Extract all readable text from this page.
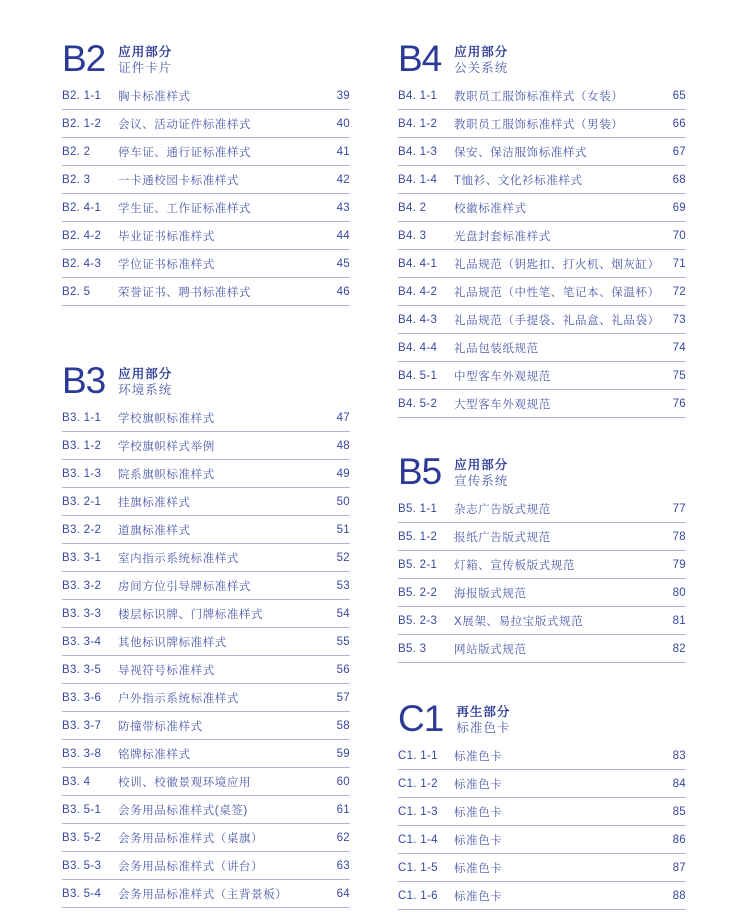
B2 应用部分
证件卡片
B2. 1-1	胸卡标准样式	39
B2. 1-2	会议、活动证件标准样式	40
B2. 2	停车证、通行证标准样式	41
B2. 3	一卡通校园卡标准样式	42
B2. 4-1	学生证、工作证标准样式	43
B2. 4-2	毕业证书标准样式	44
B2. 4-3	学位证书标准样式	45
B2. 5	荣誉证书、聘书标准样式	46
B3 应用部分
环境系统
B3. 1-1	学校旗帜标准样式	47
B3. 1-2	学校旗帜样式举例	48
B3. 1-3	院系旗帜标准样式	49
B3. 2-1	挂旗标准样式	50
B3. 2-2	道旗标准样式	51
B3. 3-1	室内指示系统标准样式	52
B3. 3-2	房间方位引导牌标准样式	53
B3. 3-3	楼层标识牌、门牌标准样式	54
B3. 3-4	其他标识牌标准样式	55
B3. 3-5	导视符号标准样式	56
B3. 3-6	户外指示系统标准样式	57
B3. 3-7	防撞带标准样式	58
B3. 3-8	铭牌标准样式	59
B3. 4	校训、校徽景观环境应用	60
B3. 5-1	会务用品标准样式(桌签)	61
B3. 5-2	会务用品标准样式（桌旗）	62
B3. 5-3	会务用品标准样式（讲台）	63
B3. 5-4	会务用品标准样式（主背景板）	64
B4 应用部分
公关系统
B4. 1-1	教职员工服饰标准样式（女装）	65
B4. 1-2	教职员工服饰标准样式（男装）	66
B4. 1-3	保安、保洁服饰标准样式	67
B4. 1-4	T恤衫、文化衫标准样式	68
B4. 2	校徽标准样式	69
B4. 3	光盘封套标准样式	70
B4. 4-1	礼品规范（钥匙扣、打火机、烟灰缸）	71
B4. 4-2	礼品规范（中性笔、笔记本、保温杯）	72
B4. 4-3	礼品规范（手提袋、礼品盒、礼品袋）	73
B4. 4-4	礼品包装纸规范	74
B4. 5-1	中型客车外观规范	75
B4. 5-2	大型客车外观规范	76
B5 应用部分
宣传系统
B5. 1-1	杂志广告版式规范	77
B5. 1-2	报纸广告版式规范	78
B5. 2-1	灯箱、宣传板版式规范	79
B5. 2-2	海报版式规范	80
B5. 2-3	X展架、易拉宝版式规范	81
B5. 3	网站版式规范	82
C1 再生部分
标准色卡
C1. 1-1	标准色卡	83
C1. 1-2	标准色卡	84
C1. 1-3	标准色卡	85
C1. 1-4	标准色卡	86
C1. 1-5	标准色卡	87
C1. 1-6	标准色卡	88
